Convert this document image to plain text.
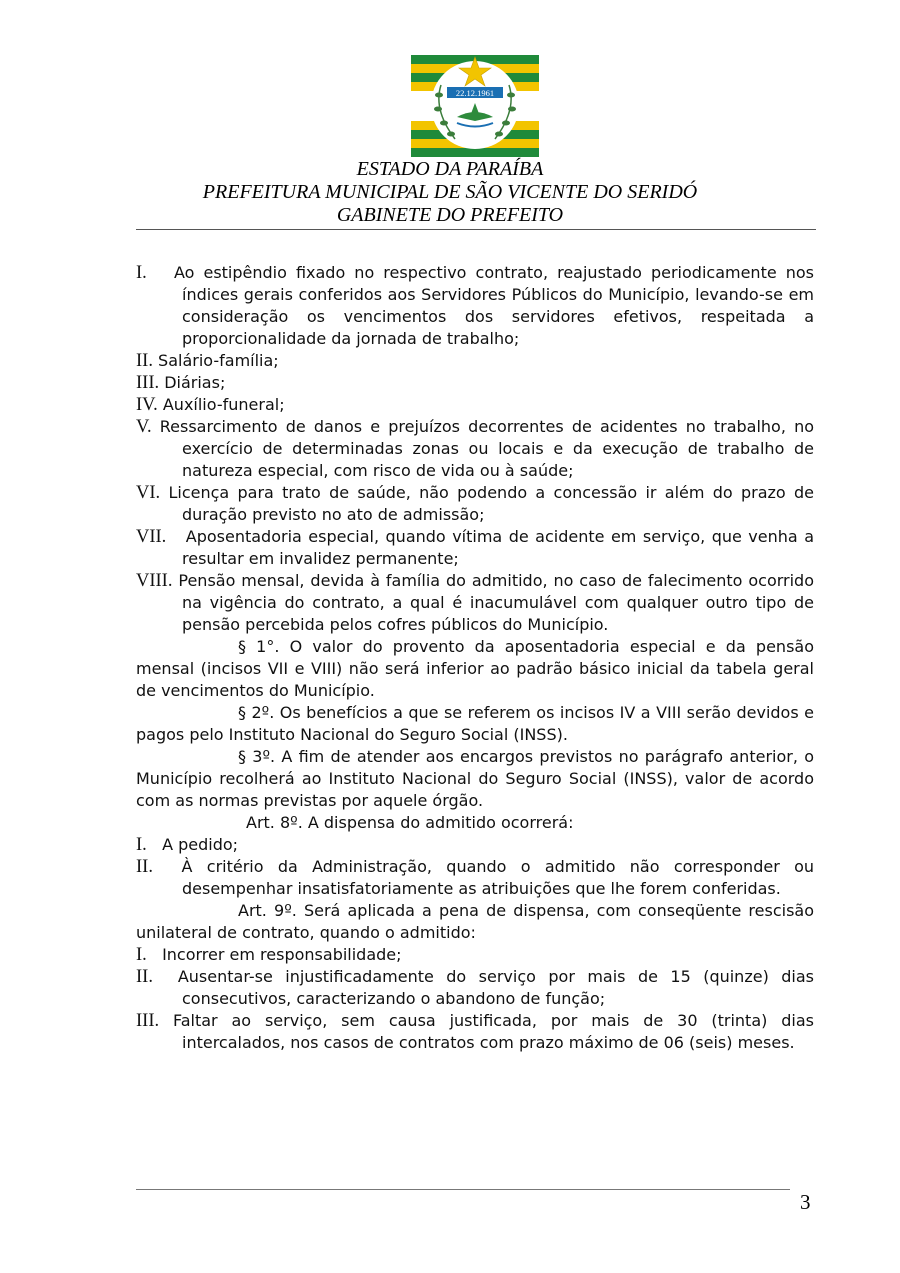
22.12.1961
ESTADO DA PARAÍBA
PREFEITURA MUNICIPAL DE SÃO VICENTE DO SERIDÓ
GABINETE DO PREFEITO

I. Ao estipêndio fixado no respectivo contrato, reajustado periodicamente nos índices gerais conferidos aos Servidores Públicos do Município, levando-se em consideração os vencimentos dos servidores efetivos, respeitada a proporcionalidade da jornada de trabalho;

II. Salário-família;

III. Diárias;

IV. Auxílio-funeral;

V. Ressarcimento de danos e prejuízos decorrentes de acidentes no trabalho, no exercício de determinadas zonas ou locais e da execução de trabalho de natureza especial, com risco de vida ou à saúde;

VI. Licença para trato de saúde, não podendo a concessão ir além do prazo de duração previsto no ato de admissão;

VII. Aposentadoria especial, quando vítima de acidente em serviço, que venha a resultar em invalidez permanente;

VIII. Pensão mensal, devida à família do admitido, no caso de falecimento ocorrido na vigência do contrato, a qual é inacumulável com qualquer outro tipo de pensão percebida pelos cofres públicos do Município.

§ 1°. O valor do provento da aposentadoria especial e da pensão mensal (incisos VII e VIII) não será inferior ao padrão básico inicial da tabela geral de vencimentos do Município.

§ 2º. Os benefícios a que se referem os incisos IV a VIII serão devidos e pagos pelo Instituto Nacional do Seguro Social (INSS).

§ 3º. A fim de atender aos encargos previstos no parágrafo anterior, o Município recolherá ao Instituto Nacional do Seguro Social (INSS), valor de acordo com as normas previstas por aquele órgão.

Art. 8º. A dispensa do admitido ocorrerá:

I. A pedido;

II. À critério da Administração, quando o admitido não corresponder ou desempenhar insatisfatoriamente as atribuições que lhe forem conferidas.

Art. 9º. Será aplicada a pena de dispensa, com conseqüente rescisão unilateral de contrato, quando o admitido:

I. Incorrer em responsabilidade;

II. Ausentar-se injustificadamente do serviço por mais de 15 (quinze) dias consecutivos, caracterizando o abandono de função;

III. Faltar ao serviço, sem causa justificada, por mais de 30 (trinta) dias intercalados, nos casos de contratos com prazo máximo de 06 (seis) meses.

3
